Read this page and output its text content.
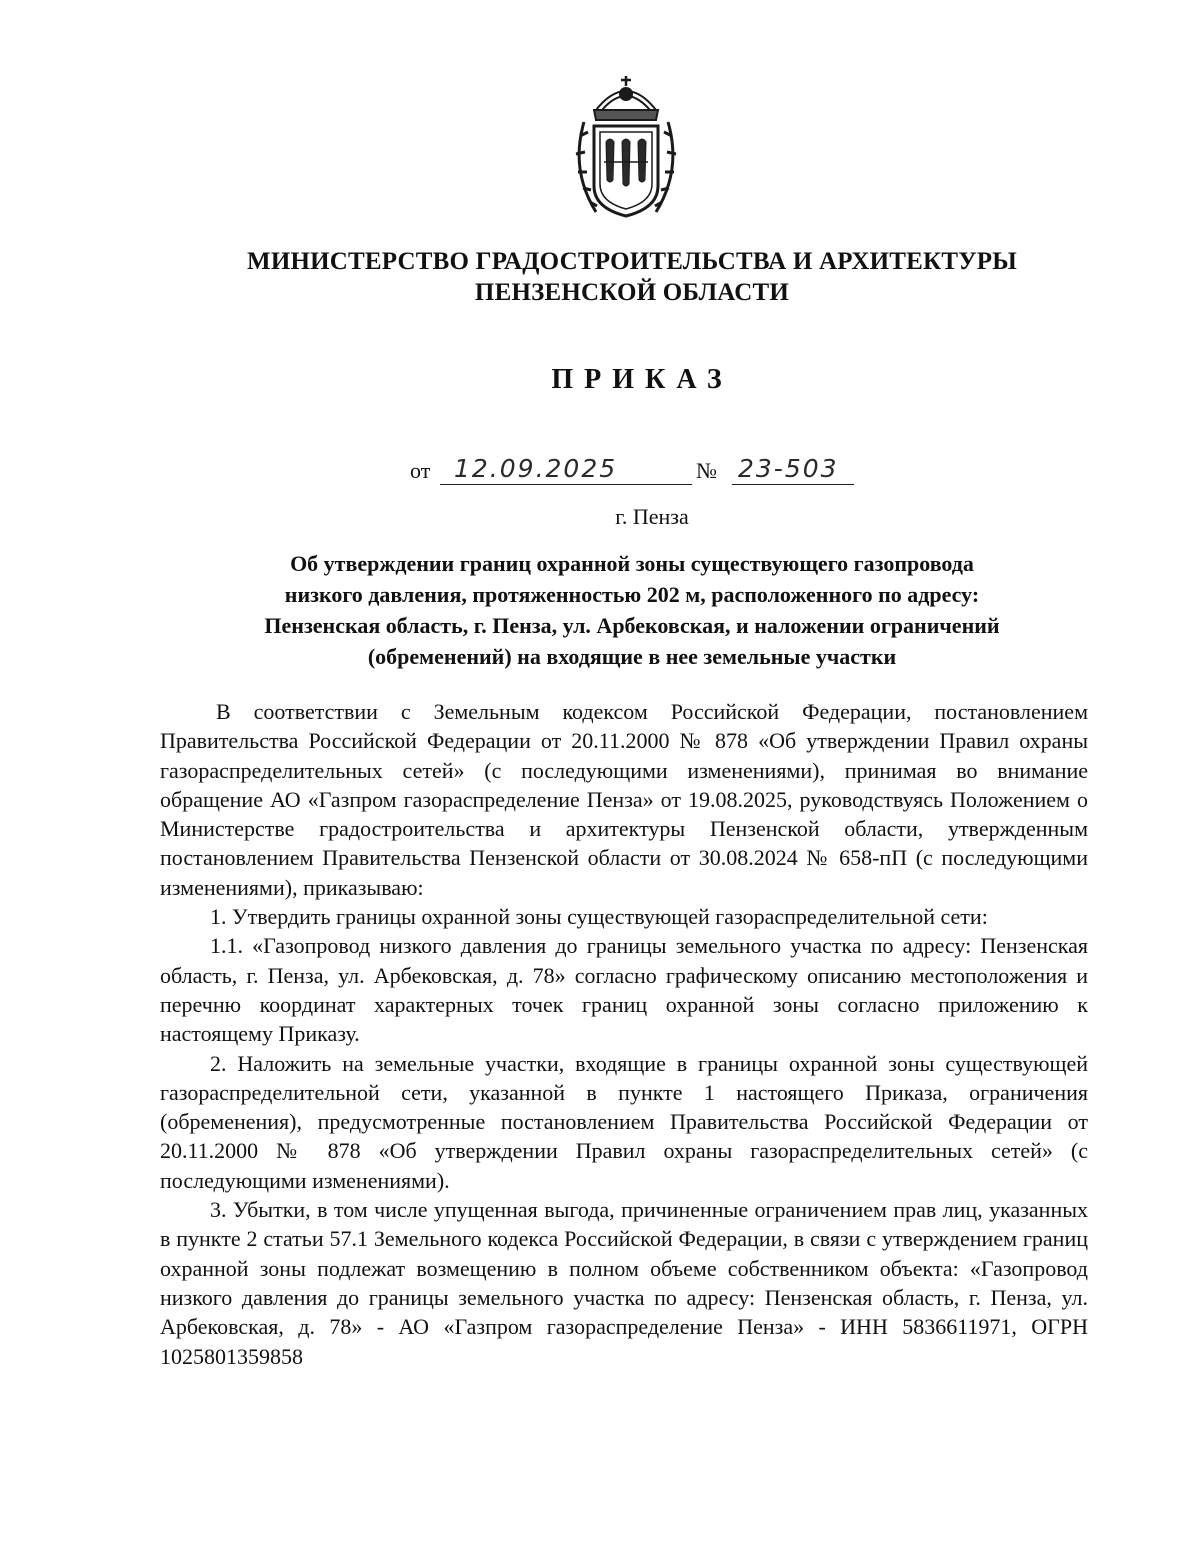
МИНИСТЕРСТВО ГРАДОСТРОИТЕЛЬСТВА И АРХИТЕКТУРЫ
ПЕНЗЕНСКОЙ ОБЛАСТИ
ПРИКАЗ
от 12.09.2025	№ 23-503
г. Пенза
Об утверждении границ охранной зоны существующего газопровода
низкого давления, протяженностью 202 м, расположенного по адресу:
Пензенская область, г. Пенза, ул. Арбековская, и наложении ограничений
(обременений) на входящие в нее земельные участки

В соответствии с Земельным кодексом Российской Федерации, постановлением Правительства Российской Федерации от 20.11.2000 № 878 «Об утверждении Правил охраны газораспределительных сетей» (с последующими изменениями), принимая во внимание обращение АО «Газпром газораспределение Пенза» от 19.08.2025, руководствуясь Положением о Министерстве градостроительства и архитектуры Пензенской области, утвержденным постановлением Правительства Пензенской области от 30.08.2024 № 658-пП (с последующими изменениями), приказываю:

1. Утвердить границы охранной зоны существующей газораспределительной сети:

1.1. «Газопровод низкого давления до границы земельного участка по адресу: Пензенская область, г. Пенза, ул. Арбековская, д. 78» согласно графическому описанию местоположения и перечню координат характерных точек границ охранной зоны согласно приложению к настоящему Приказу.

2. Наложить на земельные участки, входящие в границы охранной зоны существующей газораспределительной сети, указанной в пункте 1 настоящего Приказа, ограничения (обременения), предусмотренные постановлением Правительства Российской Федерации от 20.11.2000 № 878 «Об утверждении Правил охраны газораспределительных сетей» (с последующими изменениями).

3. Убытки, в том числе упущенная выгода, причиненные ограничением прав лиц, указанных в пункте 2 статьи 57.1 Земельного кодекса Российской Федерации, в связи с утверждением границ охранной зоны подлежат возмещению в полном объеме собственником объекта: «Газопровод низкого давления до границы земельного участка по адресу: Пензенская область, г. Пенза, ул. Арбековская, д. 78» - АО «Газпром газораспределение Пенза» - ИНН 5836611971, ОГРН 1025801359858
